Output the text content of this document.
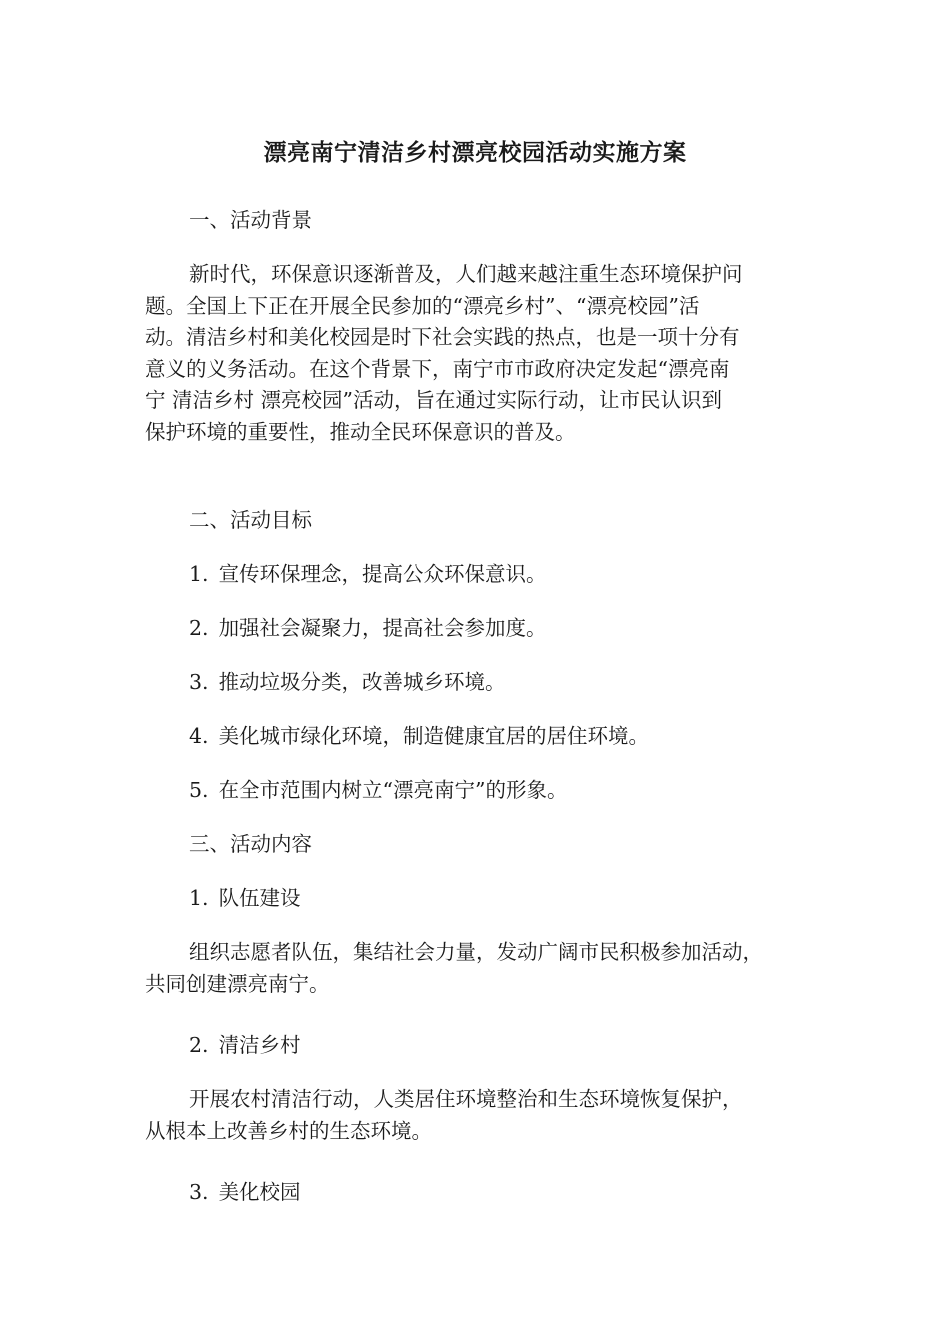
漂亮南宁清洁乡村漂亮校园活动实施方案

一、活动背景

新时代，环保意识逐渐普及，人们越来越注重生态环境保护问
题。全国上下正在开展全民参加的“漂亮乡村”、“漂亮校园”活
动。清洁乡村和美化校园是时下社会实践的热点，也是一项十分有
意义的义务活动。在这个背景下，南宁市市政府决定发起“漂亮南
宁 清洁乡村 漂亮校园”活动，旨在通过实际行动，让市民认识到
保护环境的重要性，推动全民环保意识的普及。

二、活动目标

1. 宣传环保理念，提高公众环保意识。

2. 加强社会凝聚力，提高社会参加度。

3. 推动垃圾分类，改善城乡环境。

4. 美化城市绿化环境，制造健康宜居的居住环境。

5. 在全市范围内树立“漂亮南宁”的形象。

三、活动内容

1. 队伍建设

组织志愿者队伍，集结社会力量，发动广阔市民积极参加活动，
共同创建漂亮南宁。

2. 清洁乡村

开展农村清洁行动，人类居住环境整治和生态环境恢复保护，
从根本上改善乡村的生态环境。

3. 美化校园
